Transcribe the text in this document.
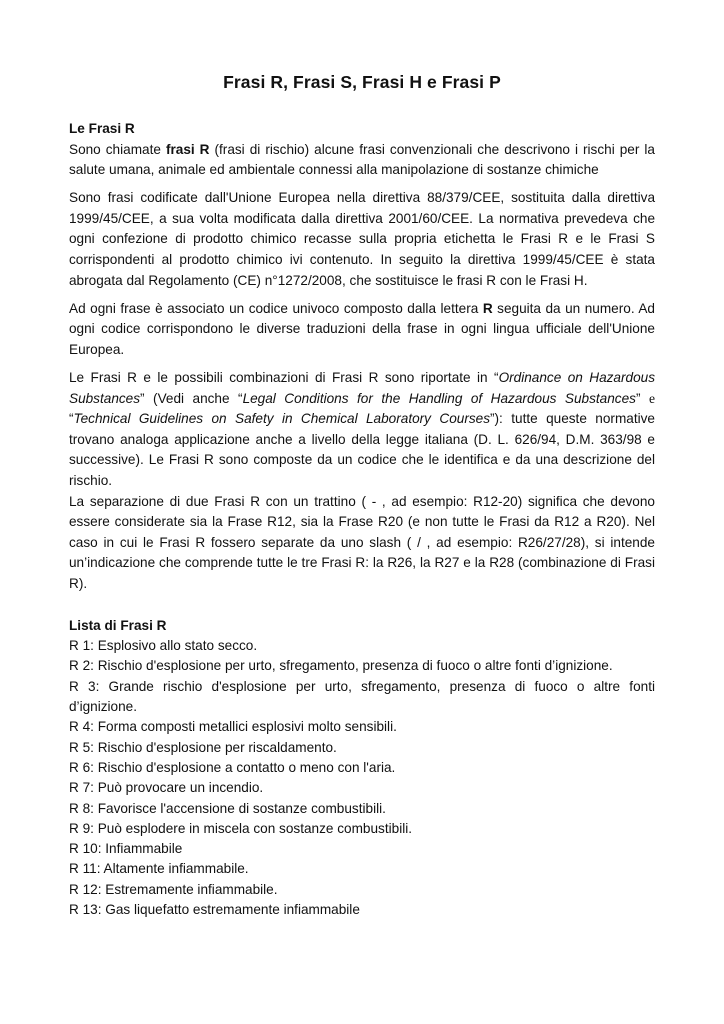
Frasi R, Frasi S, Frasi H e Frasi P
Le Frasi R

Sono chiamate frasi R (frasi di rischio) alcune frasi convenzionali che descrivono i rischi per la salute umana, animale ed ambientale connessi alla manipolazione di sostanze chimiche

Sono frasi codificate dall'Unione Europea nella direttiva 88/379/CEE, sostituita dalla direttiva 1999/45/CEE, a sua volta modificata dalla direttiva 2001/60/CEE. La normativa prevedeva che ogni confezione di prodotto chimico recasse sulla propria etichetta le Frasi R e le Frasi S corrispondenti al prodotto chimico ivi contenuto. In seguito la direttiva 1999/45/CEE è stata abrogata dal Regolamento (CE) n°1272/2008, che sostituisce le frasi R con le Frasi H.

Ad ogni frase è associato un codice univoco composto dalla lettera R seguita da un numero. Ad ogni codice corrispondono le diverse traduzioni della frase in ogni lingua ufficiale dell'Unione Europea.

Le Frasi R e le possibili combinazioni di Frasi R sono riportate in “Ordinance on Hazardous Substances” (Vedi anche “Legal Conditions for the Handling of Hazardous Substances” e “Technical Guidelines on Safety in Chemical Laboratory Courses”): tutte queste normative trovano analoga applicazione anche a livello della legge italiana (D. L. 626/94, D.M. 363/98 e successive). Le Frasi R sono composte da un codice che le identifica e da una descrizione del rischio.

La separazione di due Frasi R con un trattino ( - , ad esempio: R12-20) significa che devono essere considerate sia la Frase R12, sia la Frase R20 (e non tutte le Frasi da R12 a R20). Nel caso in cui le Frasi R fossero separate da uno slash ( / , ad esempio: R26/27/28), si intende un’indicazione che comprende tutte le tre Frasi R: la R26, la R27 e la R28 (combinazione di Frasi R).

Lista di Frasi R
R 1: Esplosivo allo stato secco.
R 2: Rischio d'esplosione per urto, sfregamento, presenza di fuoco o altre fonti d’ignizione.
R 3: Grande rischio d'esplosione per urto, sfregamento, presenza di fuoco o altre fonti d’ignizione.
R 4: Forma composti metallici esplosivi molto sensibili.
R 5: Rischio d'esplosione per riscaldamento.
R 6: Rischio d'esplosione a contatto o meno con l'aria.
R 7: Può provocare un incendio.
R 8: Favorisce l'accensione di sostanze combustibili.
R 9: Può esplodere in miscela con sostanze combustibili.
R 10: Infiammabile
R 11: Altamente infiammabile.
R 12: Estremamente infiammabile.
R 13: Gas liquefatto estremamente infiammabile
